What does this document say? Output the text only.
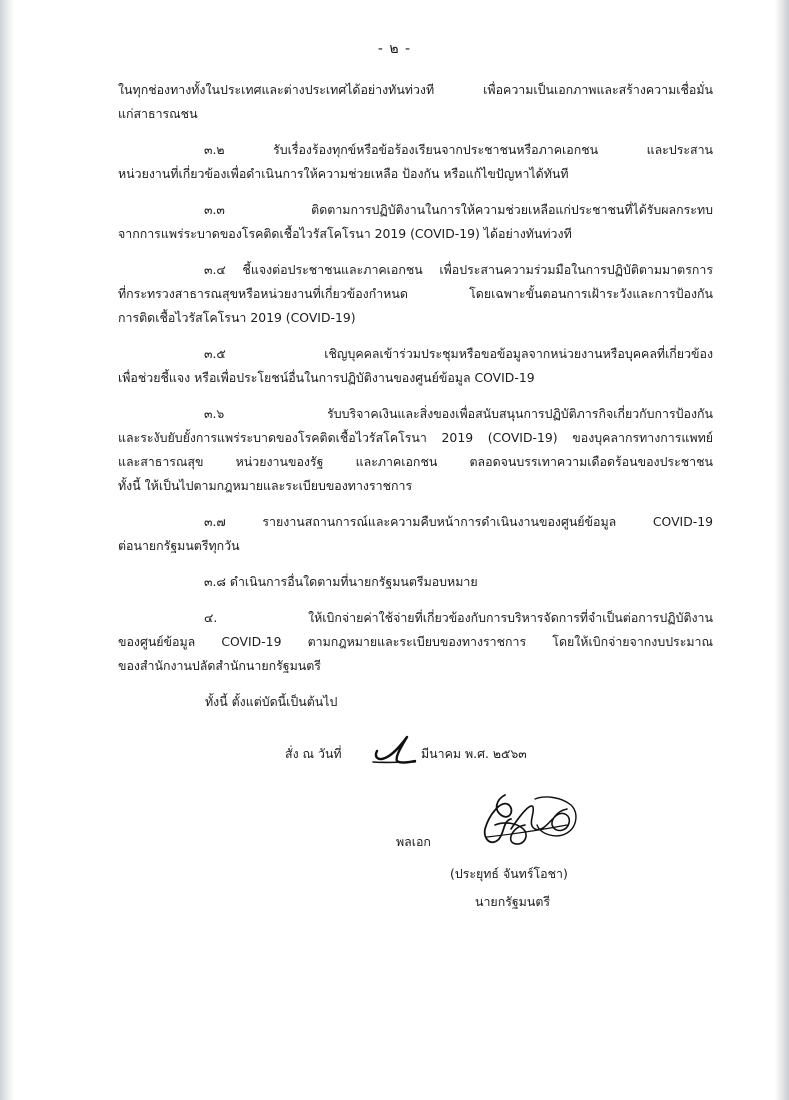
- ๒ -

ในทุกช่องทางทั้งในประเทศและต่างประเทศได้อย่างทันท่วงที เพื่อความเป็นเอกภาพและสร้างความเชื่อมั่น

แก่สาธารณชน

๓.๒ รับเรื่องร้องทุกข์หรือข้อร้องเรียนจากประชาชนหรือภาคเอกชน และประสาน

หน่วยงานที่เกี่ยวข้องเพื่อดำเนินการให้ความช่วยเหลือ ป้องกัน หรือแก้ไขปัญหาได้ทันที

๓.๓ ติดตามการปฏิบัติงานในการให้ความช่วยเหลือแก่ประชาชนที่ได้รับผลกระทบ

จากการแพร่ระบาดของโรคติดเชื้อไวรัสโคโรนา 2019 (COVID-19) ได้อย่างทันท่วงที

๓.๔ ชี้แจงต่อประชาชนและภาคเอกชน เพื่อประสานความร่วมมือในการปฏิบัติตามมาตรการ

ที่กระทรวงสาธารณสุขหรือหน่วยงานที่เกี่ยวข้องกำหนด โดยเฉพาะขั้นตอนการเฝ้าระวังและการป้องกัน

การติดเชื้อไวรัสโคโรนา 2019 (COVID-19)

๓.๕ เชิญบุคคลเข้าร่วมประชุมหรือขอข้อมูลจากหน่วยงานหรือบุคคลที่เกี่ยวข้อง

เพื่อช่วยชี้แจง หรือเพื่อประโยชน์อื่นในการปฏิบัติงานของศูนย์ข้อมูล COVID-19

๓.๖ รับบริจาคเงินและสิ่งของเพื่อสนับสนุนการปฏิบัติภารกิจเกี่ยวกับการป้องกัน

และระงับยับยั้งการแพร่ระบาดของโรคติดเชื้อไวรัสโคโรนา 2019 (COVID-19) ของบุคลากรทางการแพทย์

และสาธารณสุข หน่วยงานของรัฐ และภาคเอกชน ตลอดจนบรรเทาความเดือดร้อนของประชาชน

ทั้งนี้ ให้เป็นไปตามกฎหมายและระเบียบของทางราชการ

๓.๗ รายงานสถานการณ์และความคืบหน้าการดำเนินงานของศูนย์ข้อมูล COVID-19

ต่อนายกรัฐมนตรีทุกวัน

๓.๘ ดำเนินการอื่นใดตามที่นายกรัฐมนตรีมอบหมาย

๔. ให้เบิกจ่ายค่าใช้จ่ายที่เกี่ยวข้องกับการบริหารจัดการที่จำเป็นต่อการปฏิบัติงาน

ของศูนย์ข้อมูล COVID-19 ตามกฎหมายและระเบียบของทางราชการ โดยให้เบิกจ่ายจากงบประมาณ

ของสำนักงานปลัดสำนักนายกรัฐมนตรี

ทั้งนี้ ตั้งแต่บัดนี้เป็นต้นไป
สั่ง ณ วันที่	มีนาคม พ.ศ. ๒๕๖๓
พลเอก
(ประยุทธ์ จันทร์โอชา)
นายกรัฐมนตรี
